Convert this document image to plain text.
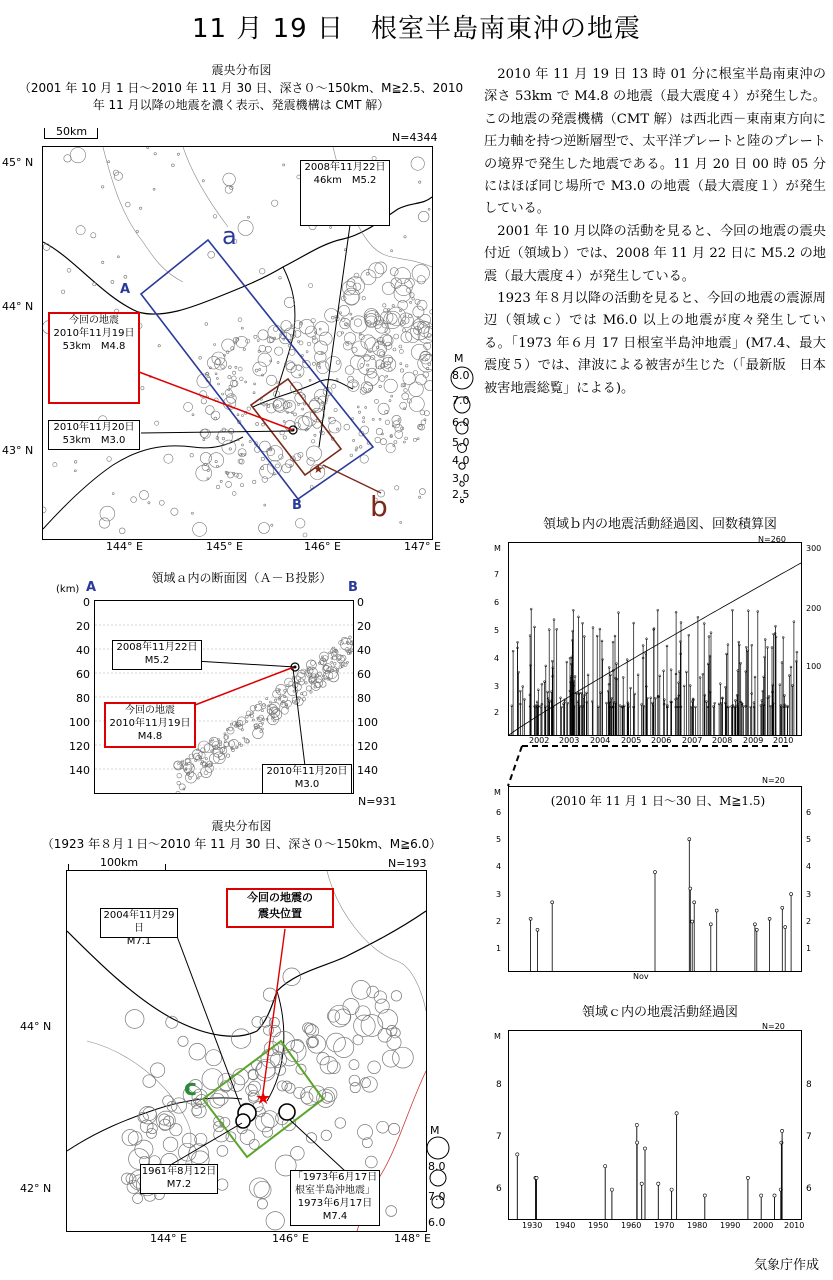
11 月 19 日　根室半島南東沖の地震
震央分布図
（2001 年 10 月 1 日～2010 年 11 月 30 日、深さ０～150km、M≧2.5、2010 年 11 月以降の地震を濃く表示、発震機構は CMT 解）
★
50km	N=4344
45° N
44° N
43° N
144° E	145° E	146° E	147° E
a
b
A
B
2008年11月22日
46km　M5.2
今回の地震
2010年11月19日
53km　M4.8
2010年11月20日
53km　M3.0
M
8.0
7.0
6.0
5.0
4.0
3.0
2.5
領域ａ内の断面図（Ａ－Ｂ投影）
A	B
(km)
0
20
40
60
80
100
120
140
0
20
40
60
80
100
120
140
2008年11月22日
M5.2
今回の地震
2010年11月19日
M4.8
2010年11月20日
M3.0
N=931
震央分布図
（1923 年８月１日～2010 年 11 月 30 日、深さ０～150km、M≧6.0）
100km	N=193
★
44° N
42° N
144° E	146° E	148° E
c
今回の地震の
震央位置
2004年11月29日
M7.1
1961年8月12日
M7.2
「1973年6月17日
根室半島沖地震」
1973年6月17日
M7.4
M
8.0
7.0
6.0

2010 年 11 月 19 日 13 時 01 分に根室半島南東沖の深さ 53km で M4.8 の地震（最大震度４）が発生した。この地震の発震機構（CMT 解）は西北西－東南東方向に圧力軸を持つ逆断層型で、太平洋プレートと陸のプレートの境界で発生した地震である。11 月 20 日 00 時 05 分にはほぼ同じ場所で M3.0 の地震（最大震度１）が発生している。

2001 年 10 月以降の活動を見ると、今回の地震の震央付近（領域ｂ）では、2008 年 11 月 22 日に M5.2 の地震（最大震度４）が発生している。

1923 年８月以降の活動を見ると、今回の地震の震源周辺（領域ｃ）では M6.0 以上の地震が度々発生している。「1973 年６月 17 日根室半島沖地震」(M7.4、最大震度５）では、津波による被害が生じた（「最新版　日本被害地震総覧」による)。

領域ｂ内の地震活動経過図、回数積算図
M
N=260
7
6
5
4
3
2
300
200
100
2002 2003 2004 2005 2006 2007 2008 2009 2010
M
N=20
(2010 年 11 月 1 日～30 日、M≧1.5)
6
5
4
3
2
1
6
5
4
3
2
1
Nov
領域ｃ内の地震活動経過図
M
N=20
8
7
6
8
7
6
1930 1940 1950 1960 1970 1980 1990 2000 2010
気象庁作成
